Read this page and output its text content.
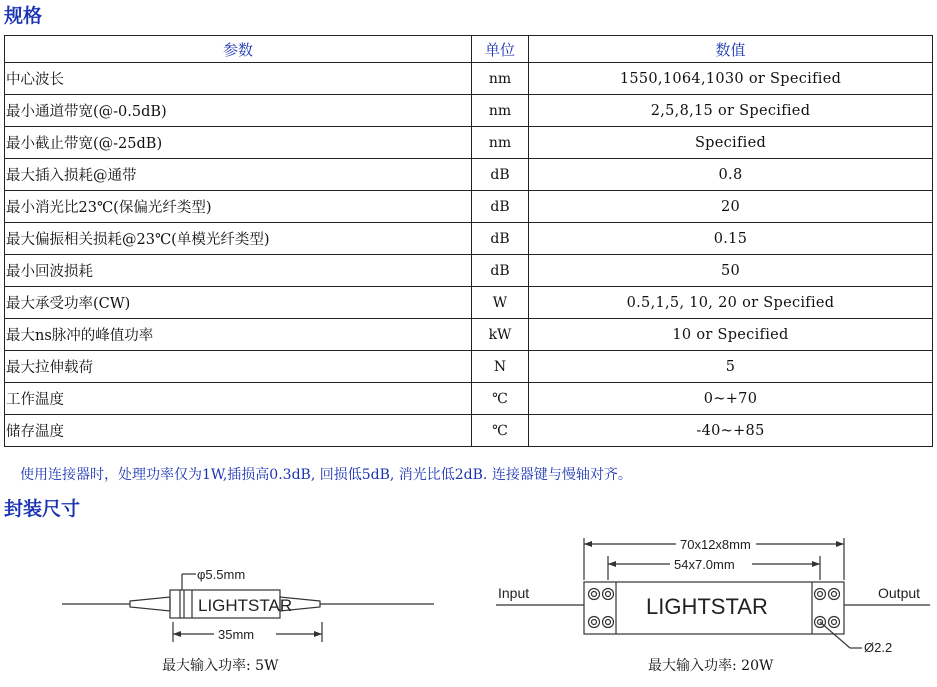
规格
参数	单位	数值
中心波长	nm	1550,1064,1030 or Specified
最小通道带宽(@-0.5dB)	nm	2,5,8,15 or Specified
最小截止带宽(@-25dB)	nm	Specified
最大插入损耗@通带	dB	0.8
最小消光比23℃(保偏光纤类型)	dB	20
最大偏振相关损耗@23℃(单模光纤类型)	dB	0.15
最小回波损耗	dB	50
最大承受功率(CW)	W	0.5,1,5, 10, 20 or Specified
最大ns脉冲的峰值功率	kW	10 or Specified
最大拉伸载荷	N	5
工作温度	℃	0~+70
储存温度	℃	-40~+85
使用连接器时，处理功率仅为1W,插损高0.3dB, 回损低5dB, 消光比低2dB. 连接器键与慢轴对齐。
封装尺寸
φ5.5mm
LIGHTSTAR
35mm
70x12x8mm
54x7.0mm
Input	Output
LIGHTSTAR
Ø2.2
最大输入功率: 5W	最大输入功率: 20W
